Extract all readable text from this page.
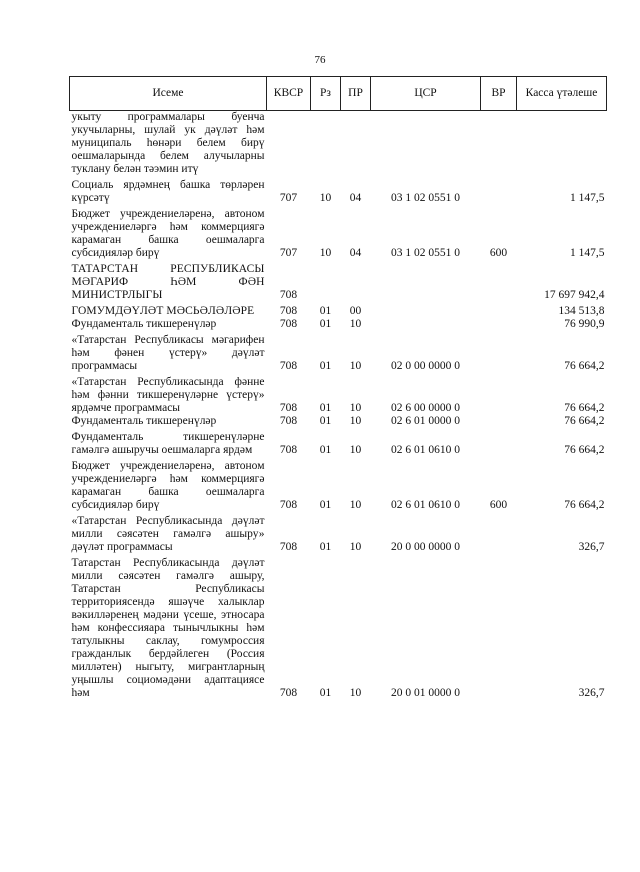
76
Исеме	КВСР	Рз	ПР	ЦСР	ВР	Касса үтәлеше
укыту программалары буенча укучыларны, шулай ук дәүләт һәм муниципаль һөнәри белем бирү оешмаларында белем алучыларны туклану белән тәэмин итү						

Социаль ярдәмнең башка төрләрен күрсәтү	707	10	04	03 1 02 0551 0		1 147,5

Бюджет учреждениеләренә, автоном учреждениеләргә һәм коммерциягә карамаган башка оешмаларга субсидияләр бирү	707	10	04	03 1 02 0551 0	600	1 147,5

ТАТАРСТАН РЕСПУБЛИКАСЫ МӘГАРИФ ҺӘМ ФӘН МИНИСТРЛЫГЫ	708					17 697 942,4

ГОМУМДӘҮЛӘТ МӘСЬӘЛӘЛӘРЕ	708	01	00			134 513,8
Фундаменталь тикшеренүләр	708	01	10			76 990,9

«Татарстан Республикасы мәгарифен һәм фәнен үстерү» дәүләт программасы	708	01	10	02 0 00 0000 0		76 664,2

«Татарстан Республикасында фәнне һәм фәнни тикшеренүләрне үстерү» ярдәмче программасы	708	01	10	02 6 00 0000 0		76 664,2
Фундаменталь тикшеренүләр	708	01	10	02 6 01 0000 0		76 664,2

Фундаменталь тикшеренүләрне гамәлгә ашыручы оешмаларга ярдәм	708	01	10	02 6 01 0610 0		76 664,2

Бюджет учреждениеләренә, автоном учреждениеләргә һәм коммерциягә карамаган башка оешмаларга субсидияләр бирү	708	01	10	02 6 01 0610 0	600	76 664,2

«Татарстан Республикасында дәүләт милли сәясәтен гамәлгә ашыру» дәүләт программасы	708	01	10	20 0 00 0000 0		326,7

Татарстан Республикасында дәүләт милли сәясәтен гамәлгә ашыру, Татарстан Республикасы территориясендә яшәүче халыклар вәкилләренең мәдәни үсеше, этносара һәм конфессияара тынычлыкны һәм татулыкны саклау, гомумроссия гражданлык бердәйлеген (Россия милләтен) ныгыту, мигрантларның уңышлы социомәдәни адаптациясе һәм	708	01	10	20 0 01 0000 0		326,7
